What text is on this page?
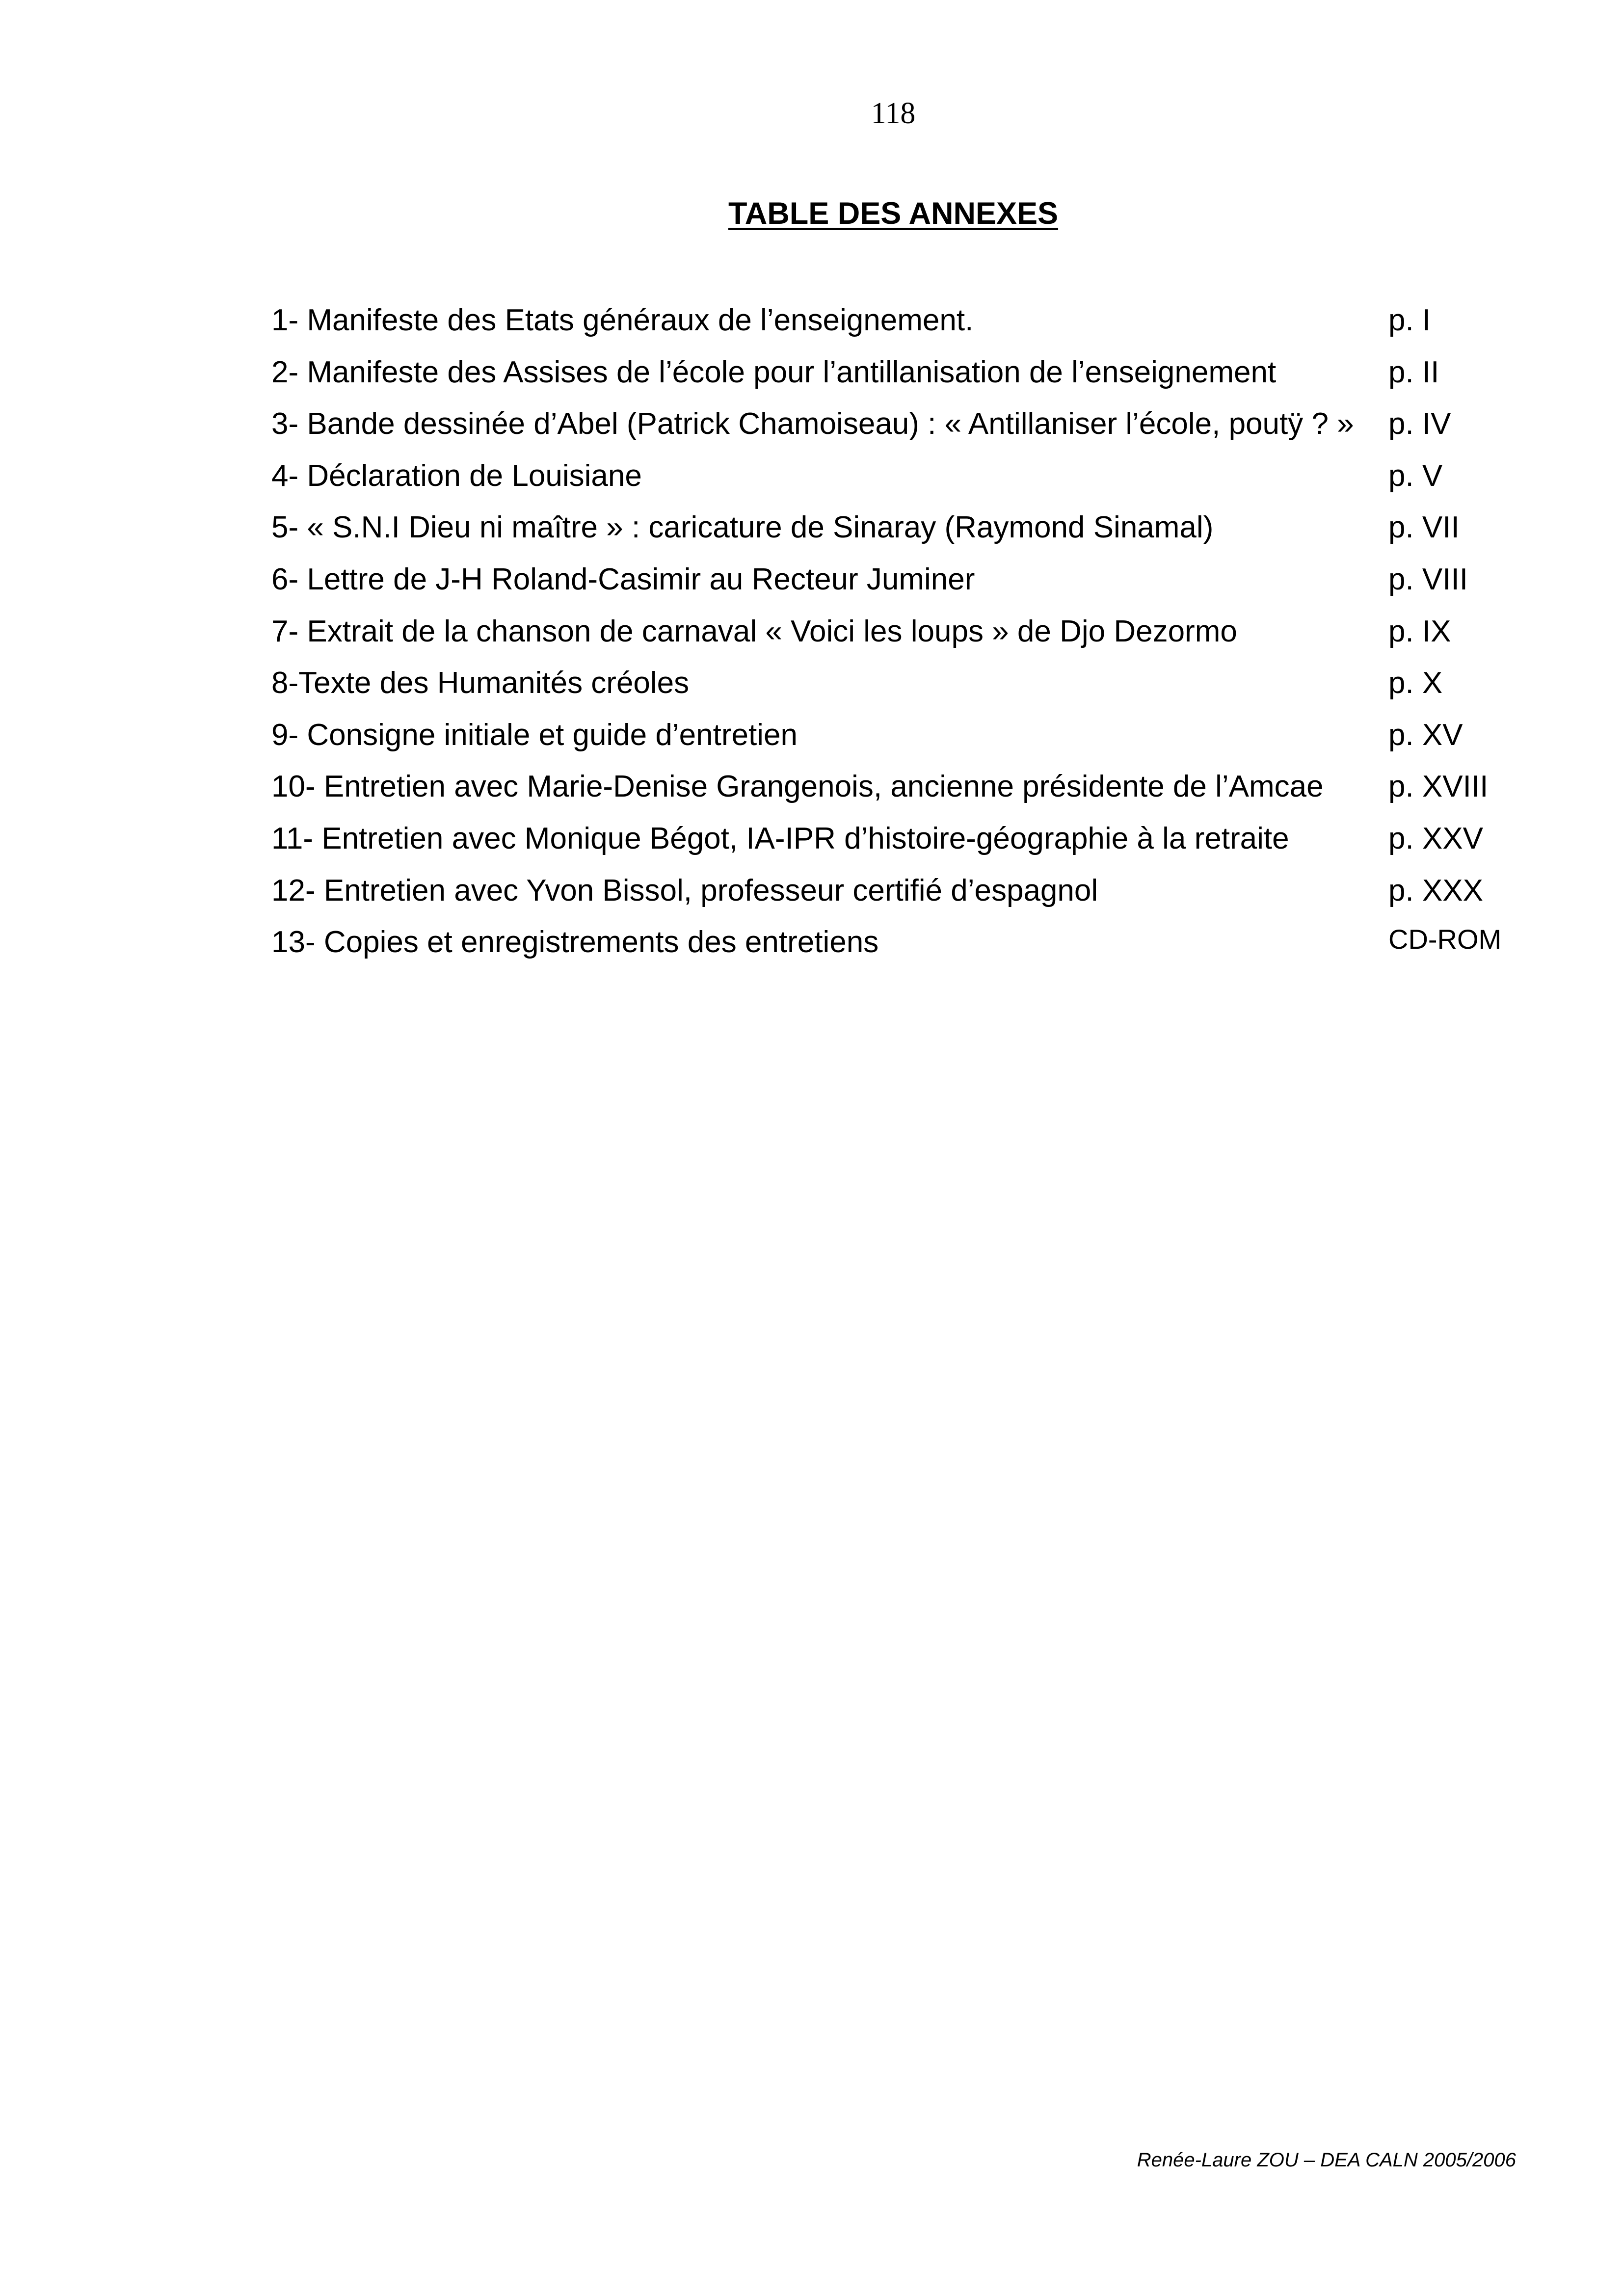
118
TABLE DES ANNEXES
1- Manifeste des Etats généraux de l’enseignement.	p. I
2- Manifeste des Assises de l’école pour l’antillanisation de l’enseignement	p. II
3- Bande dessinée d’Abel (Patrick Chamoiseau) : « Antillaniser l’école, poutÿ ? » p. IV
4- Déclaration de Louisiane	p. V
5- « S.N.I Dieu ni maître » : caricature de Sinaray (Raymond Sinamal)	p. VII
6- Lettre de J-H Roland-Casimir au Recteur Juminer	p. VIII
7- Extrait de la chanson de carnaval « Voici les loups » de Djo Dezormo	p. IX
8-Texte des Humanités créoles	p. X
9- Consigne initiale et guide d’entretien	p. XV
10- Entretien avec Marie-Denise Grangenois, ancienne présidente de l’Amcae p. XVIII
11- Entretien avec Monique Bégot, IA-IPR d’histoire-géographie à la retraite	p. XXV
12- Entretien avec Yvon Bissol, professeur certifié d’espagnol	p. XXX
13- Copies et enregistrements des entretiens	CD-ROM
Renée-Laure ZOU – DEA CALN 2005/2006
